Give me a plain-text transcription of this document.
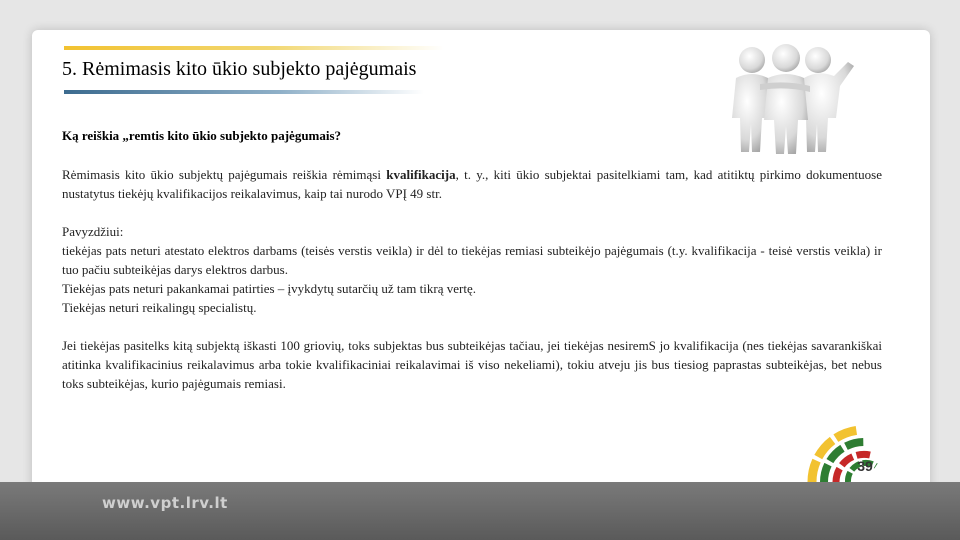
5. Rėmimasis kito ūkio subjekto pajėgumais

Ką reiškia „remtis kito ūkio subjekto pajėgumais?

Rėmimasis kito ūkio subjektų pajėgumais reiškia rėmimąsi kvalifikacija, t. y., kiti ūkio subjektai pasitelkiami tam, kad atitiktų pirkimo dokumentuose nustatytus tiekėjų kvalifikacijos reikalavimus, kaip tai nurodo VPĮ 49 str.

Pavyzdžiui:

tiekėjas pats neturi atestato elektros darbams (teisės verstis veikla) ir dėl to tiekėjas remiasi subteikėjo pajėgumais (t.y. kvalifikacija - teisė verstis veikla) ir tuo pačiu subteikėjas darys elektros darbus.

Tiekėjas pats neturi pakankamai patirties – įvykdytų sutarčių už tam tikrą vertę.

Tiekėjas neturi reikalingų specialistų.

Jei tiekėjas pasitelks kitą subjektą iškasti 100 griovių, toks subjektas bus subteikėjas tačiau, jei tiekėjas nesiremS jo kvalifikacija (nes tiekėjas savarankiškai atitinka kvalifikacinius reikalavimus arba tokie kvalifikaciniai reikalavimai iš viso nekeliami), tokiu atveju jis bus tiesiog paprastas subteikėjas, bet nebus toks subteikėjas, kurio pajėgumais remiasi.

39
www.vpt.lrv.lt
